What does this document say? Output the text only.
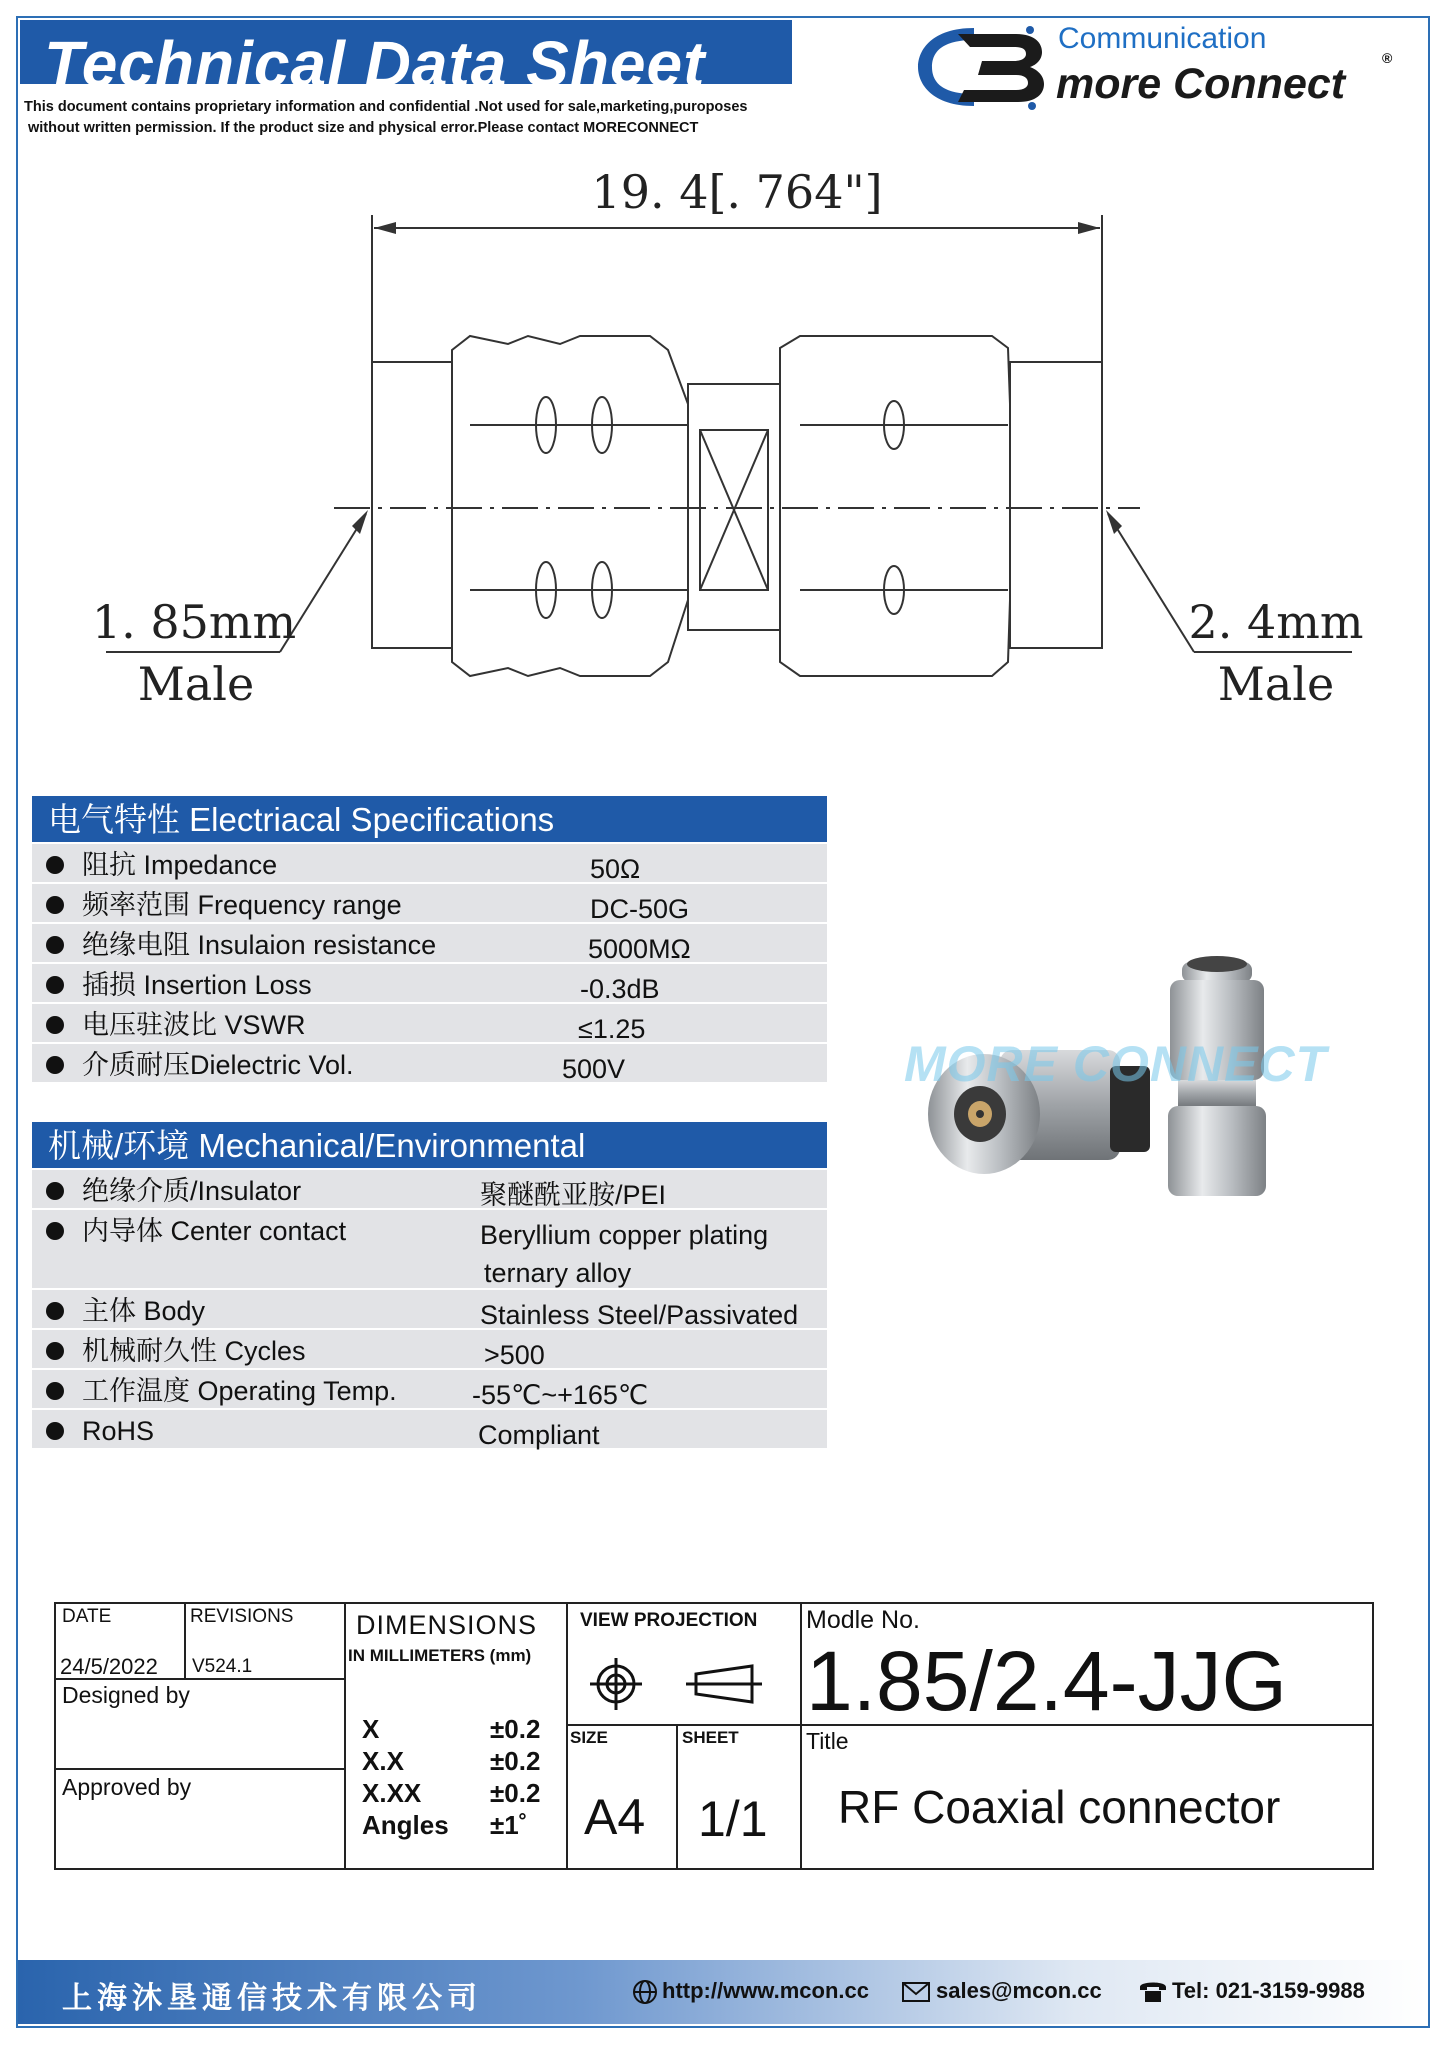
Technical Data Sheet
This document contains proprietary information and confidential .Not used for sale,marketing,puroposes
without written permission. If the product size and physical error.Please contact MORECONNECT
Communication
more Connect
®
19. 4[. 764"]
1. 85mm
Male
2. 4mm
Male
电气特性 Electriacal Specifications
阻抗 Impedance	50Ω
频率范围 Frequency range	DC-50G
绝缘电阻 Insulaion resistance	5000MΩ
插损 Insertion Loss	-0.3dB
电压驻波比 VSWR	≤1.25
介质耐压Dielectric Vol.	500V
机械/环境 Mechanical/Environmental
绝缘介质/Insulator	聚醚酰亚胺/PEI
内导体 Center contact	Beryllium copper plating
ternary alloy
主体 Body	Stainless Steel/Passivated
机械耐久性 Cycles	>500
工作温度 Operating Temp.	-55℃~+165℃
RoHS	Compliant
MORE CONNECT
DATE
24/5/2022
REVISIONS
V524.1
Designed by
Approved by
DIMENSIONS
IN MILLIMETERS (mm)
X	±0.2
X.X	±0.2
X.XX	±0.2
Angles ±1˚
VIEW PROJECTION
SIZE
A4
SHEET
1/1
Modle No.
1.85/2.4-JJG
Title
RF Coaxial connector
上海沐垦通信技术有限公司	http://www.mcon.cc	sales@mcon.cc	Tel: 021-3159-9988
